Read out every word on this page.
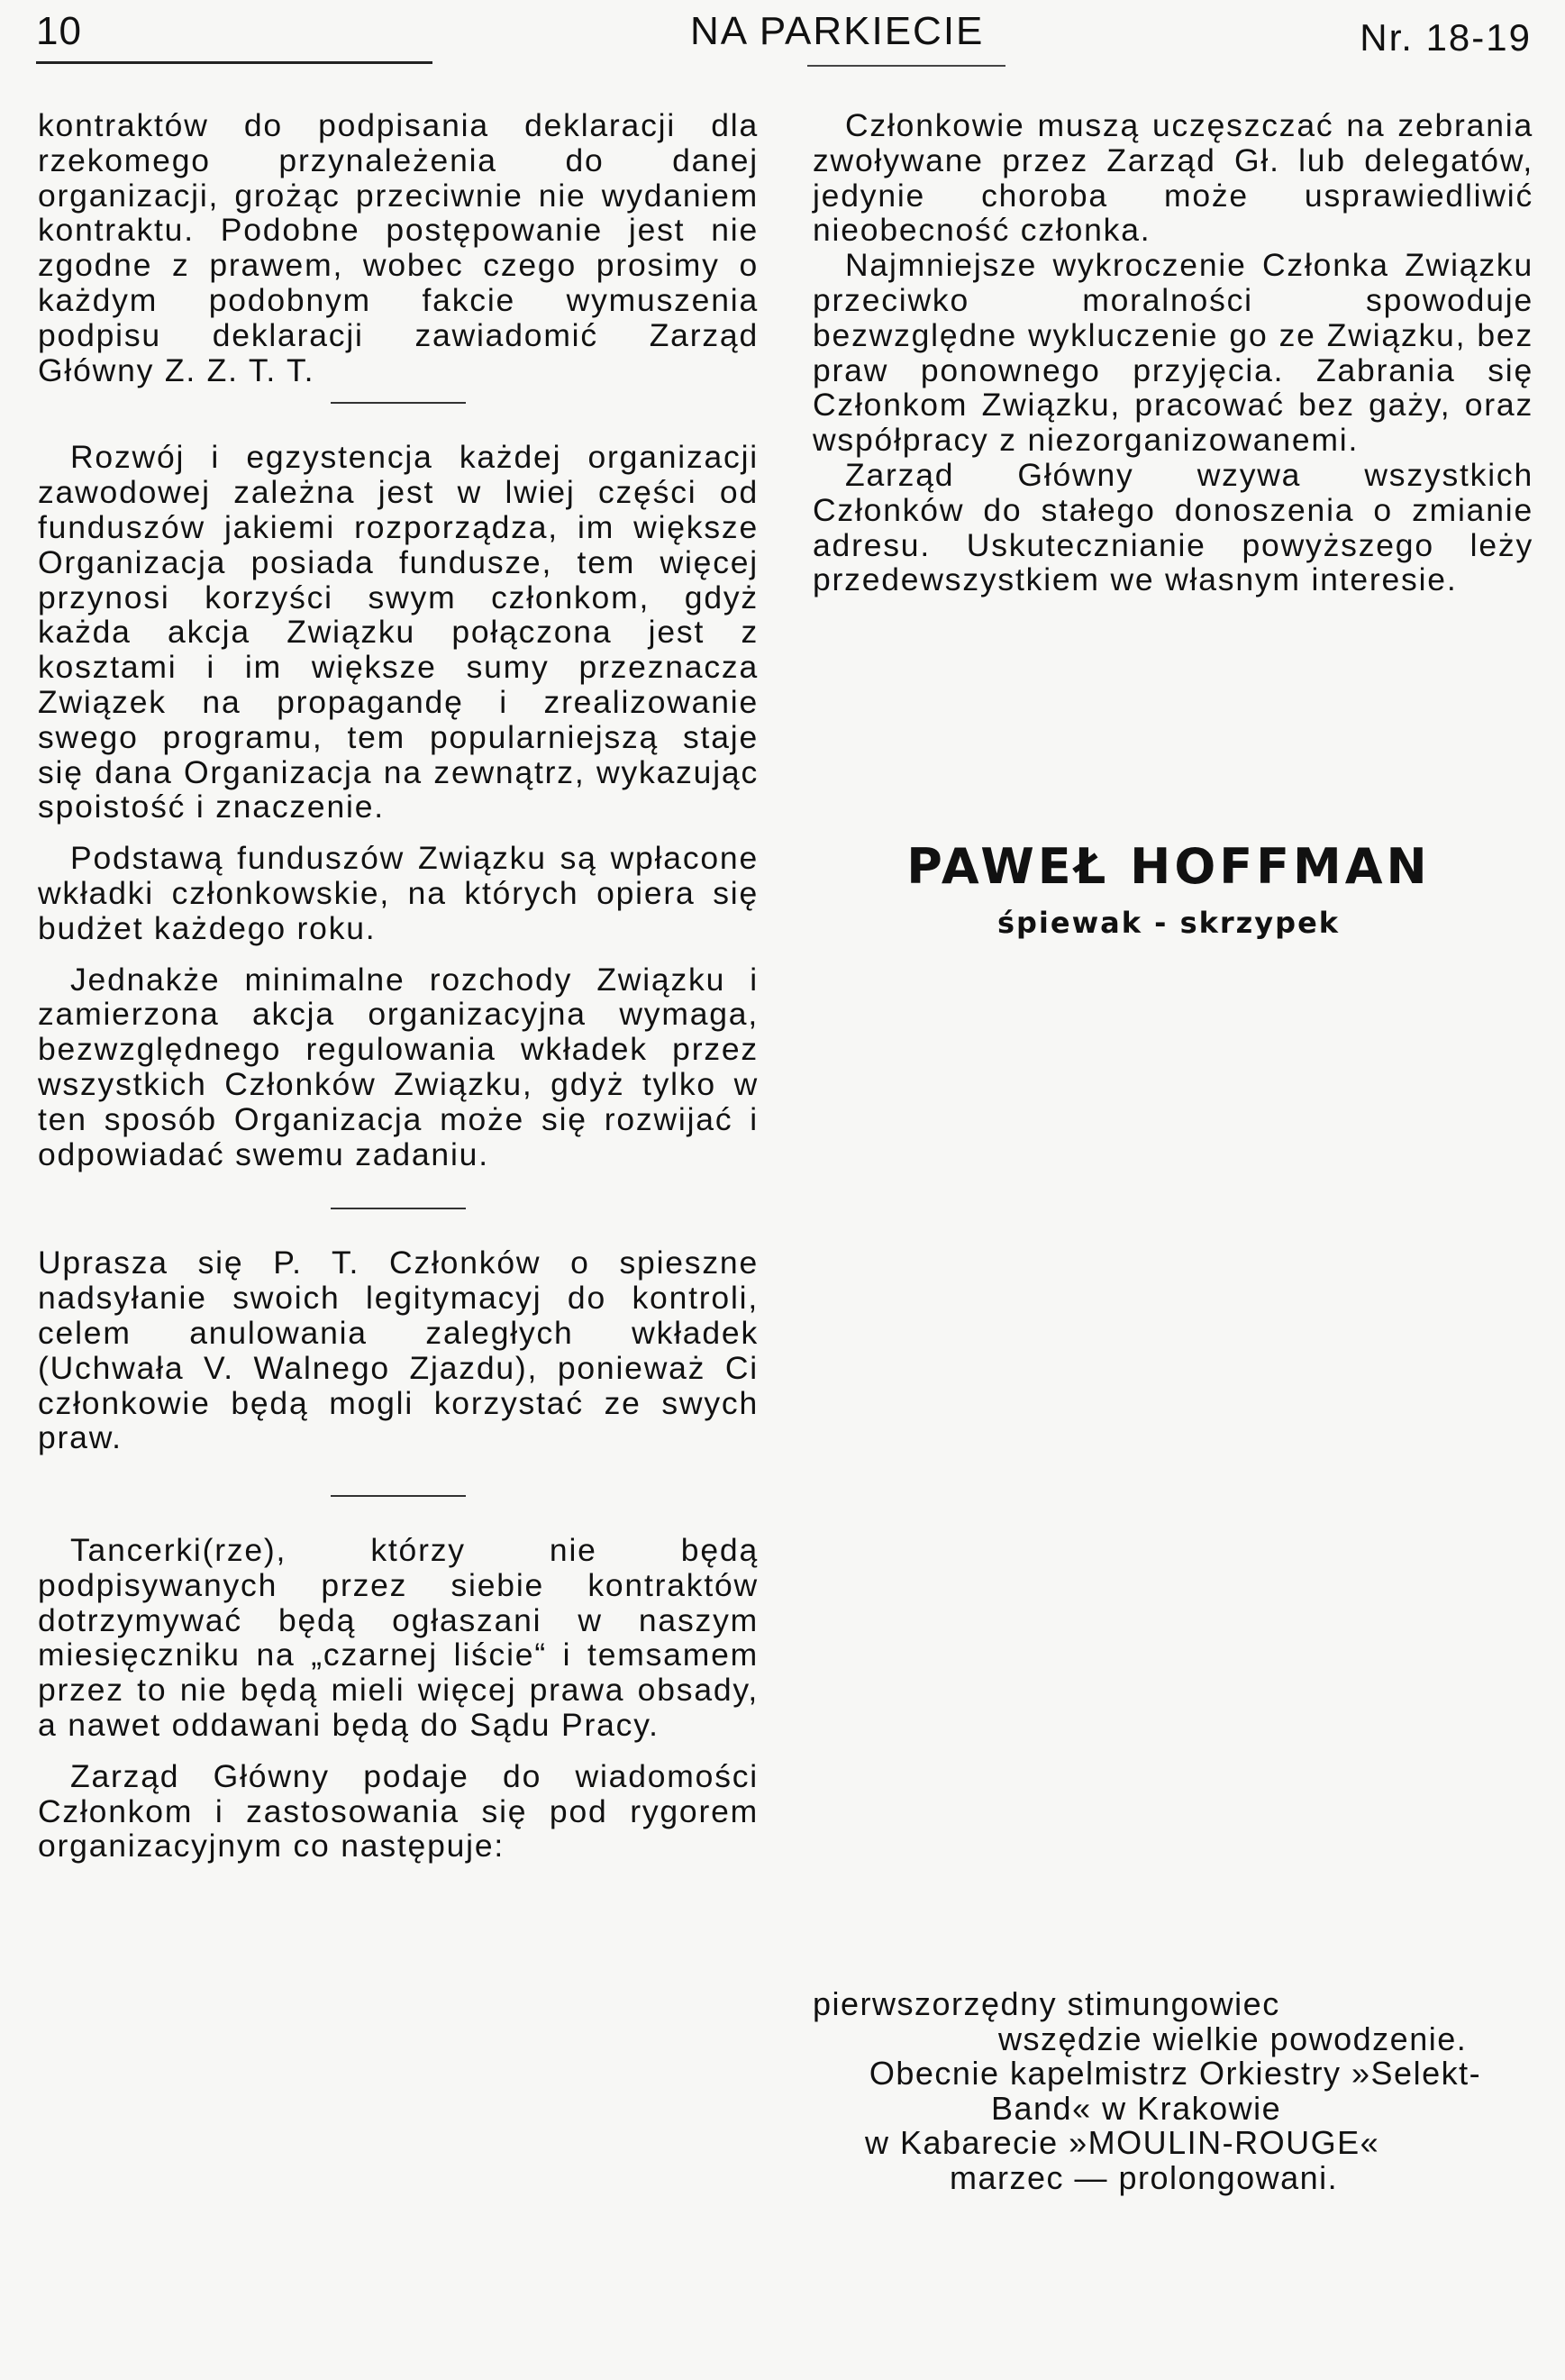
10	NA PARKIECIE	Nr. 18-19

kontraktów do podpisania deklaracji dla rzekomego przynależenia do danej organizacji, grożąc przeciwnie nie wydaniem kontraktu. Podobne postępowanie jest nie zgodne z prawem, wobec czego prosimy o każdym podobnym fakcie wymuszenia podpisu deklaracji zawiadomić Zarząd Główny Z. Z. T. T.

Rozwój i egzystencja każdej organizacji zawodowej zależna jest w lwiej części od funduszów jakiemi rozporządza, im większe Organizacja posiada fundusze, tem więcej przynosi korzyści swym członkom, gdyż każda akcja Związku połączona jest z kosztami i im większe sumy przeznacza Związek na propagandę i zrealizowanie swego programu, tem popularniejszą staje się dana Organizacja na zewnątrz, wykazując spoistość i znaczenie.

Podstawą funduszów Związku są wpłacone wkładki członkowskie, na których opiera się budżet każdego roku.

Jednakże minimalne rozchody Związku i zamierzona akcja organizacyjna wymaga, bezwzględnego regulowania wkładek przez wszystkich Członków Związku, gdyż tylko w ten sposób Organizacja może się rozwijać i odpowiadać swemu zadaniu.

Uprasza się P. T. Członków o spieszne nadsyłanie swoich legitymacyj do kontroli, celem anulowania zaległych wkładek (Uchwała V. Walnego Zjazdu), ponieważ Ci członkowie będą mogli korzystać ze swych praw.

Tancerki(rze), którzy nie będą podpisywanych przez siebie kontraktów dotrzymywać będą ogłaszani w naszym miesięczniku na „czarnej liście“ i temsamem przez to nie będą mieli więcej prawa obsady, a nawet oddawani będą do Sądu Pracy.

Zarząd Główny podaje do wiadomości Członkom i zastosowania się pod rygorem organizacyjnym co następuje:

Członkowie muszą uczęszczać na zebrania zwoływane przez Zarząd Gł. lub delegatów, jedynie choroba może usprawiedliwić nieobecność członka.

Najmniejsze wykroczenie Członka Związku przeciwko moralności spowoduje bezwzględne wykluczenie go ze Związku, bez praw ponownego przyjęcia. Zabrania się Członkom Związku, pracować bez gaży, oraz współpracy z niezorganizowanemi.

Zarząd Główny wzywa wszystkich Członków do stałego donoszenia o zmianie adresu. Uskutecznianie powyższego leży przedewszystkiem we własnym interesie.

PAWEŁ HOFFMAN
śpiewak - skrzypek
pierwszorzędny stimungowiec
wszędzie wielkie powodzenie.
Obecnie kapelmistrz Orkiestry »Selekt-
Band« w Krakowie
w Kabarecie »MOULIN-ROUGE«
marzec — prolongowani.
